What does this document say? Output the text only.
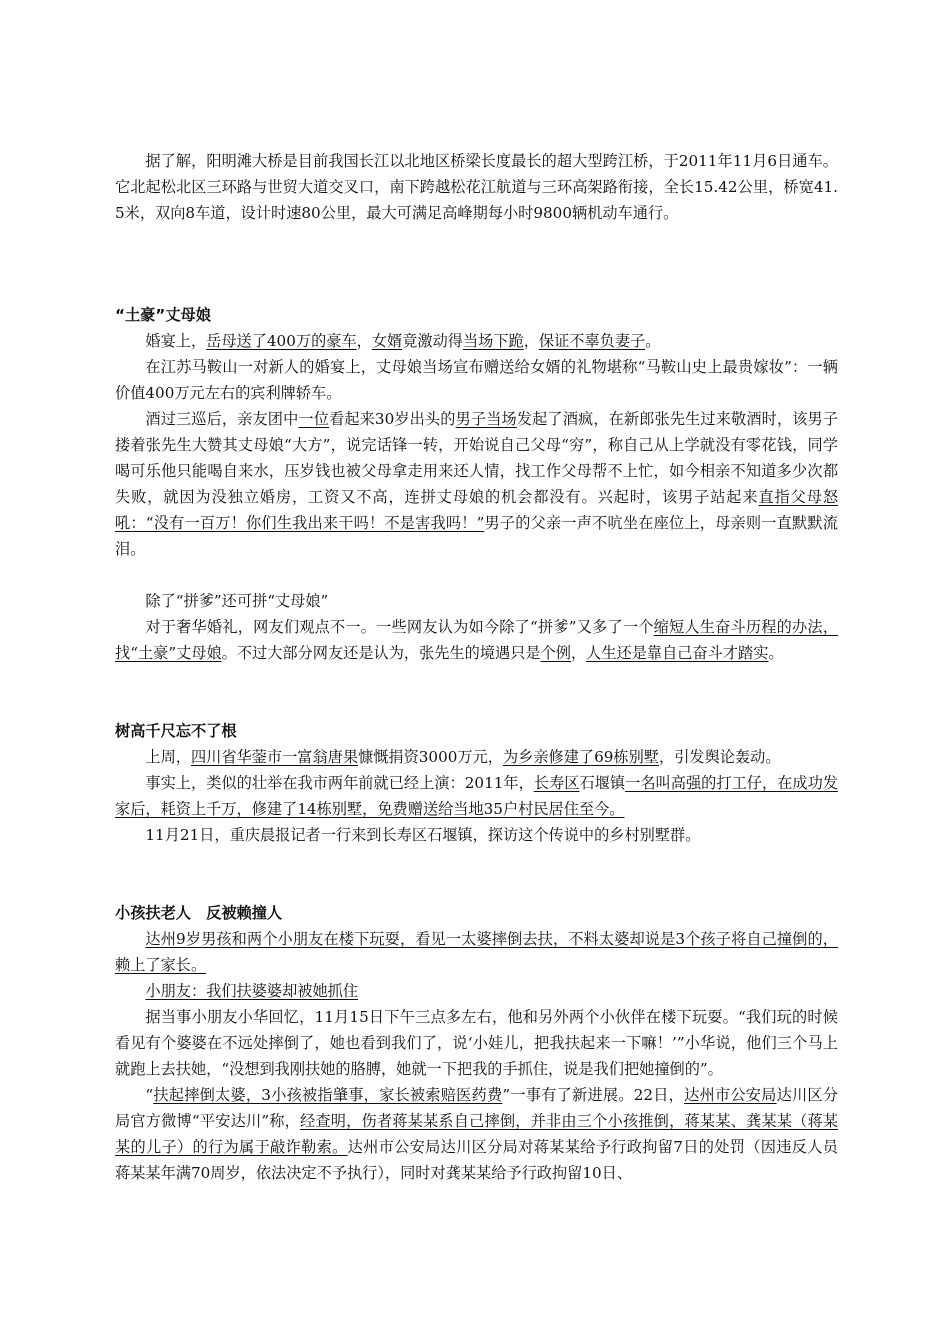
据了解，阳明滩大桥是目前我国长江以北地区桥梁长度最长的超大型跨江桥，于2011年11月6日通车。它北起松北区三环路与世贸大道交叉口，南下跨越松花江航道与三环高架路衔接，全长15.42公里，桥宽41.5米，双向8车道，设计时速80公里，最大可满足高峰期每小时9800辆机动车通行。

“土豪”丈母娘

婚宴上，岳母送了400万的豪车，女婿竟激动得当场下跪，保证不辜负妻子。

在江苏马鞍山一对新人的婚宴上，丈母娘当场宣布赠送给女婿的礼物堪称“马鞍山史上最贵嫁妆”：一辆价值400万元左右的宾利牌轿车。

酒过三巡后，亲友团中一位看起来30岁出头的男子当场发起了酒疯，在新郎张先生过来敬酒时，该男子搂着张先生大赞其丈母娘“大方”，说完话锋一转，开始说自己父母“穷”，称自己从上学就没有零花钱，同学喝可乐他只能喝自来水，压岁钱也被父母拿走用来还人情，找工作父母帮不上忙，如今相亲不知道多少次都失败，就因为没独立婚房，工资又不高，连拼丈母娘的机会都没有。兴起时，该男子站起来直指父母怒吼：“没有一百万！你们生我出来干吗！不是害我吗！”男子的父亲一声不吭坐在座位上，母亲则一直默默流泪。

除了“拼爹”还可拼“丈母娘”

对于奢华婚礼，网友们观点不一。一些网友认为如今除了“拼爹”又多了一个缩短人生奋斗历程的办法，找“土豪”丈母娘。不过大部分网友还是认为，张先生的境遇只是个例，人生还是靠自己奋斗才踏实。

树高千尺忘不了根

上周，四川省华蓥市一富翁唐果慷慨捐资3000万元，为乡亲修建了69栋别墅，引发舆论轰动。

事实上，类似的壮举在我市两年前就已经上演：2011年，长寿区石堰镇一名叫高强的打工仔，在成功发家后，耗资上千万，修建了14栋别墅，免费赠送给当地35户村民居住至今。

11月21日，重庆晨报记者一行来到长寿区石堰镇，探访这个传说中的乡村别墅群。

小孩扶老人　反被赖撞人

达州9岁男孩和两个小朋友在楼下玩耍，看见一太婆摔倒去扶，不料太婆却说是3个孩子将自己撞倒的，赖上了家长。

小朋友：我们扶婆婆却被她抓住

据当事小朋友小华回忆，11月15日下午三点多左右，他和另外两个小伙伴在楼下玩耍。“我们玩的时候看见有个婆婆在不远处摔倒了，她也看到我们了，说‘小娃儿，把我扶起来一下嘛！’”小华说，他们三个马上就跑上去扶她，“没想到我刚扶她的胳膊，她就一下把我的手抓住，说是我们把她撞倒的”。

“扶起摔倒太婆，3小孩被指肇事，家长被索赔医药费”一事有了新进展。22日，达州市公安局达川区分局官方微博“平安达川”称，经查明，伤者蒋某某系自己摔倒，并非由三个小孩推倒，蒋某某、龚某某（蒋某某的儿子）的行为属于敲诈勒索。达州市公安局达川区分局对蒋某某给予行政拘留7日的处罚（因违反人员蒋某某年满70周岁，依法决定不予执行），同时对龚某某给予行政拘留10日、
